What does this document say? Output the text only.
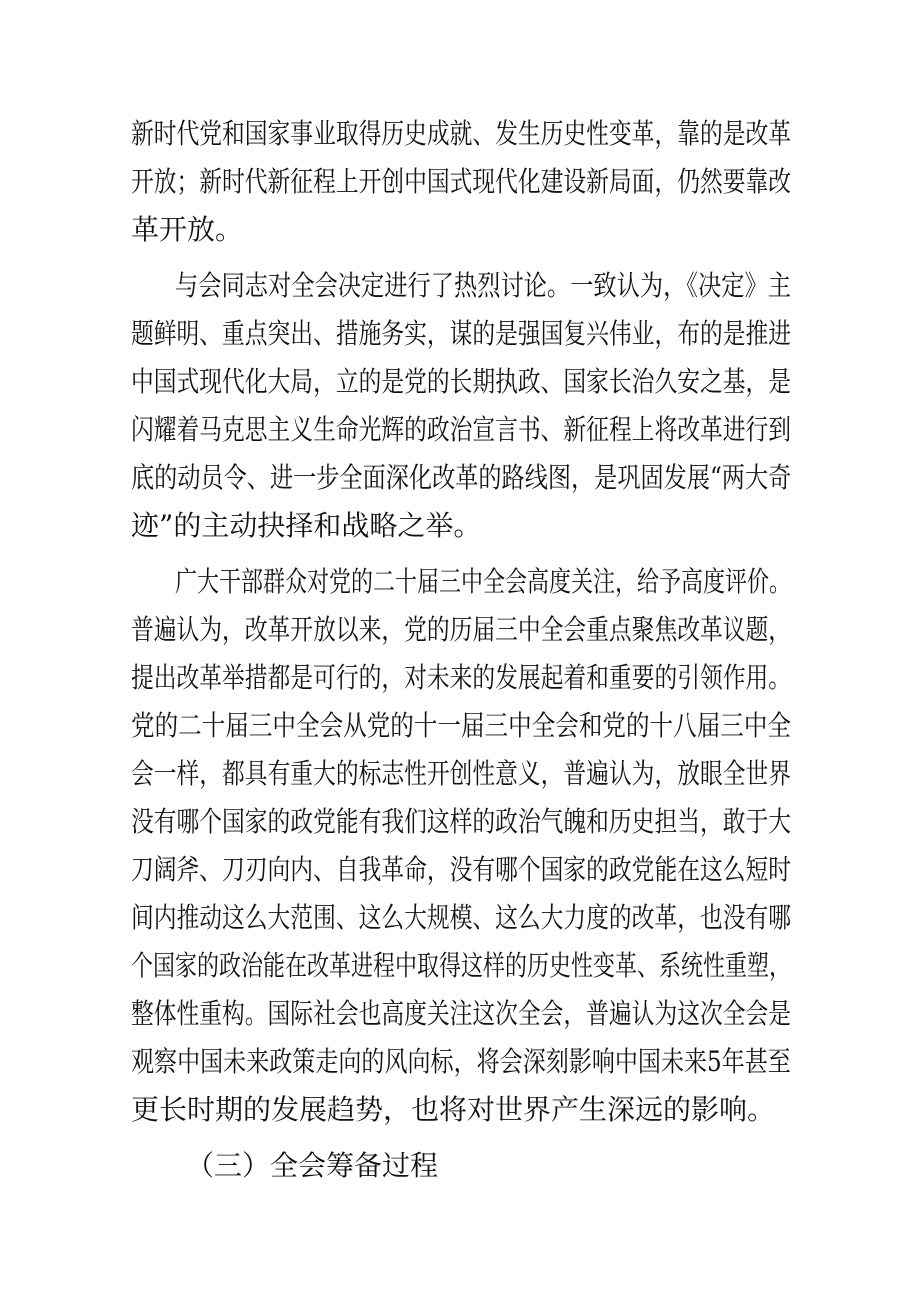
新时代党和国家事业取得历史成就、发生历史性变革，靠的是改革
开放；新时代新征程上开创中国式现代化建设新局面，仍然要靠改
革开放。
与会同志对全会决定进行了热烈讨论。一致认为，《决定》主
题鲜明、重点突出、措施务实，谋的是强国复兴伟业，布的是推进
中国式现代化大局，立的是党的长期执政、国家长治久安之基，是
闪耀着马克思主义生命光辉的政治宣言书、新征程上将改革进行到
底的动员令、进一步全面深化改革的路线图，是巩固发展“两大奇
迹”的主动抉择和战略之举。
广大干部群众对党的二十届三中全会高度关注，给予高度评价。
普遍认为，改革开放以来，党的历届三中全会重点聚焦改革议题，
提出改革举措都是可行的，对未来的发展起着和重要的引领作用。
党的二十届三中全会从党的十一届三中全会和党的十八届三中全
会一样，都具有重大的标志性开创性意义，普遍认为，放眼全世界
没有哪个国家的政党能有我们这样的政治气魄和历史担当，敢于大
刀阔斧、刀刃向内、自我革命，没有哪个国家的政党能在这么短时
间内推动这么大范围、这么大规模、这么大力度的改革，也没有哪
个国家的政治能在改革进程中取得这样的历史性变革、系统性重塑，
整体性重构。国际社会也高度关注这次全会，普遍认为这次全会是
观察中国未来政策走向的风向标，将会深刻影响中国未来5年甚至
更长时期的发展趋势，也将对世界产生深远的影响。
（三）全会筹备过程
